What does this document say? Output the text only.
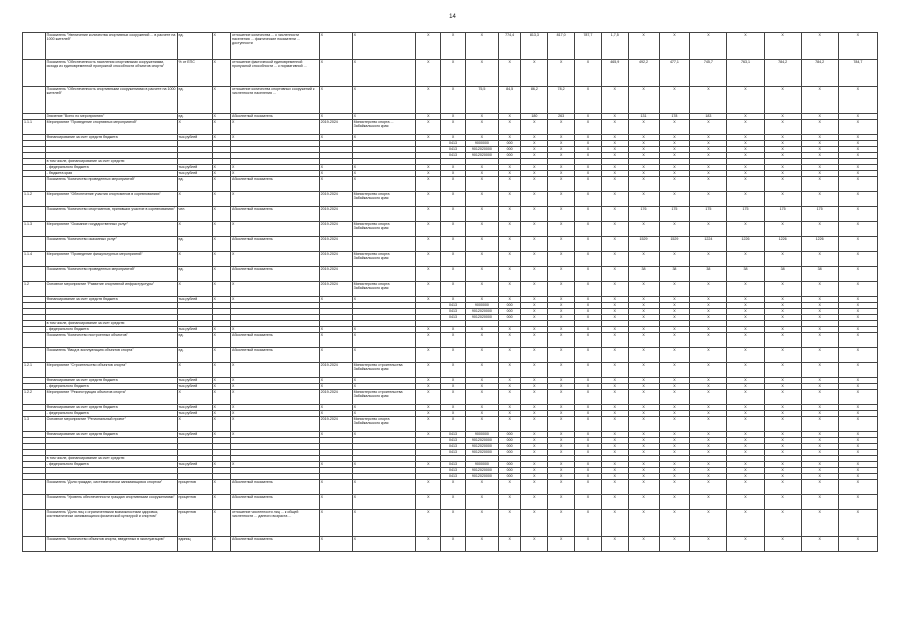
14
	Показатель "Увеличение количества спортивных сооружений ... в расчете на 1000 жителей"	ед.	X	отношение количества ... к численности населения ... фактические показатели ... доступности	X	X	X	X	X	774,4	813,3	817,0	787,7	1,7,5	X	X	X	X	X	X	X
	Показатель "Обеспеченность населения спортивными сооружениями, исходя из единовременной пропускной способности объектов спорта"	% от ЕПС	X	отношение фактической единовременной пропускной способности ... к нормативной ...	X	X	X	X	X	X	X	X	X	465,9	492,2	477,1	745,7	763,1	784,2	784,2	784,7
	Показатель "Обеспеченность спортивными сооружениями в расчете на 1000 жителей"	ед.	X	отношение количества спортивных сооружений к численности населения ...	X	X	X	X	75,5	84,5	86,2	78,2	X	X	X	X	X	X	X	X	X
	Значение "Всего по мероприятию"	ед.	X	Абсолютный показатель	X	X	X	X	X	X	180	263	X	X	131	178	183	X	X	X	X
1.1.1	Мероприятие "Проведение спортивных мероприятий"	X	X	X	2019-2024	Министерство спорта ... Забайкальского края	X	X	X	X	X	X	X	X	X	X	X	X	X	X	X
	Финансирование за счет средств бюджета	тыс.рублей	X	X	X	X	X	X	X	X	X	X	X	X	X	X	X	X	X	X	X
								0413	9000000	000	X	X	X	X	X	X	X	X	X	X	X
								0413	9012020000	000	X	X	X	X	X	X	X	X	X	X	X
								0413	9012020000	000	X	X	X	X	X	X	X	X	X	X	X
	в том числе, финансирование за счет средств:																				
	- федерального бюджета	тыс.рублей	X	X	X	X	X	X	X	X	X	X	X	X	X	X	X	X	X	X	X
	- бюджета края	тыс.рублей	X	X	X	X	X	X	X	X	X	X	X	X	X	X	X	X	X	X	X
	Показатель "Количество проведенных мероприятий"	ед.	X	Абсолютный показатель	X	X	X	X	X	X	X	X	X	X	X	X	X	X	X	X	X
1.1.2	Мероприятие "Обеспечение участия спортсменов в соревнованиях"	X	X	X	2019-2024	Министерство спорта Забайкальского края	X	X	X	X	X	X	X	X	X	X	X	X	X	X	X
	Показатель "Количество спортсменов, принявших участие в соревнованиях"	чел.	X	Абсолютный показатель	2019-2024		X	X	X	X	X	X	X	X	176	175	175	175	175	175	X
1.1.3	Мероприятие "Оказание государственных услуг"	X	X	X	2019-2024	Министерство спорта Забайкальского края	X	X	X	X	X	X	X	X	X	X	X	X	X	X	X
	Показатель "Количество оказанных услуг"	ед.	X	Абсолютный показатель	2019-2024		X	X	X	X	X	X	X	X	1529	1529	1224	1226	1226	1226	X
1.1.4	Мероприятие "Проведение физкультурных мероприятий"	X	X	X	2019-2024	Министерство спорта Забайкальского края	X	X	X	X	X	X	X	X	X	X	X	X	X	X	X
	Показатель "Количество проведенных мероприятий"	ед.	X	Абсолютный показатель	2019-2024		X	X	X	X	X	X	X	X	38	38	38	38	38	38	X
1.2	Основное мероприятие "Развитие спортивной инфраструктуры"	X	X	X	2019-2024	Министерство спорта Забайкальского края	X	X	X	X	X	X	X	X	X	X	X	X	X	X	X
	Финансирование за счет средств бюджета	тыс.рублей	X	X	X	X	X	X	X	X	X	X	X	X	X	X	X	X	X	X	X
								0413	9000000	000	X	X	X	X	X	X	X	X	X	X	X
								0413	9012020000	000	X	X	X	X	X	X	X	X	X	X	X
								0413	9012020000	000	X	X	X	X	X	X	X	X	X	X	X
	в том числе, финансирование за счет средств:																				
	- федерального бюджета	тыс.рублей	X	X	X	X	X	X	X	X	X	X	X	X	X	X	X	X	X	X	X
	Показатель "Количество построенных объектов"	ед.	X	Абсолютный показатель	X	X	X	X	X	X	X	X	X	X	X	X	X	X	X	X	X
	Показатель "Ввод в эксплуатацию объектов спорта"	ед.	X	Абсолютный показатель	X	X	X	X	X	X	X	X	X	X	X	X	X	X	X	X	X
1.2.1	Мероприятие "Строительство объектов спорта"	X	X	X	2019-2024	Министерство строительства Забайкальского края	X	X	X	X	X	X	X	X	X	X	X	X	X	X	X
	Финансирование за счет средств бюджета	тыс.рублей	X	X	X	X	X	X	X	X	X	X	X	X	X	X	X	X	X	X	X
	- федерального бюджета	тыс.рублей	X	X	X	X	X	X	X	X	X	X	X	X	X	X	X	X	X	X	X
1.2.2	Мероприятие "Реконструкция объектов спорта"	X	X	X	2019-2024	Министерство строительства Забайкальского края	X	X	X	X	X	X	X	X	X	X	X	X	X	X	X
	Финансирование за счет средств бюджета	тыс.рублей	X	X	X	X	X	X	X	X	X	X	X	X	X	X	X	X	X	X	X
	- федерального бюджета	тыс.рублей	X	X	X	X	X	X	X	X	X	X	X	X	X	X	X	X	X	X	X
1.3	Основное мероприятие "Региональный проект"	X	X	X	2019-2024	Министерство спорта Забайкальского края	X	X	X	X	X	X	X	X	X	X	X	X	X	X	X
	Финансирование за счет средств бюджета	тыс.рублей	X	X	X	X	X	0413	9000000	000	X	X	X	X	X	X	X	X	X	X	X
								0413	9012020000	000	X	X	X	X	X	X	X	X	X	X	X
								0413	9012020000	000	X	X	X	X	X	X	X	X	X	X	X
								0413	9012020000	000	X	X	X	X	X	X	X	X	X	X	X
	в том числе, финансирование за счет средств:																				
	- федерального бюджета	тыс.рублей	X	X	X	X	X	0413	9000000	000	X	X	X	X	X	X	X	X	X	X	X
								0413	9012020000	000	X	X	X	X	X	X	X	X	X	X	X
								0413	9012020000	000	X	X	X	X	X	X	X	X	X	X	X
	Показатель "Доля граждан, систематически занимающихся спортом"	процентов	X	Абсолютный показатель	X	X	X	X	X	X	X	X	X	X	X	X	X	X	X	X	X
	Показатель "Уровень обеспеченности граждан спортивными сооружениями"	процентов	X	Абсолютный показатель	X	X	X	X	X	X	X	X	X	X	X	X	X	X	X	X	X
	Показатель "Доля лиц с ограниченными возможностями здоровья, систематически занимающихся физической культурой и спортом"	процентов	X	отношение численности лиц ... к общей численности ... данного возраста ...	X	X	X	X	X	X	X	X	X	X	X	X	X	X	X	X	X
	Показатель "Количество объектов спорта, введенных в эксплуатацию"	единиц	X	Абсолютный показатель	X	X	X	X	X	X	X	X	X	X	X	X	X	X	X	X	X
